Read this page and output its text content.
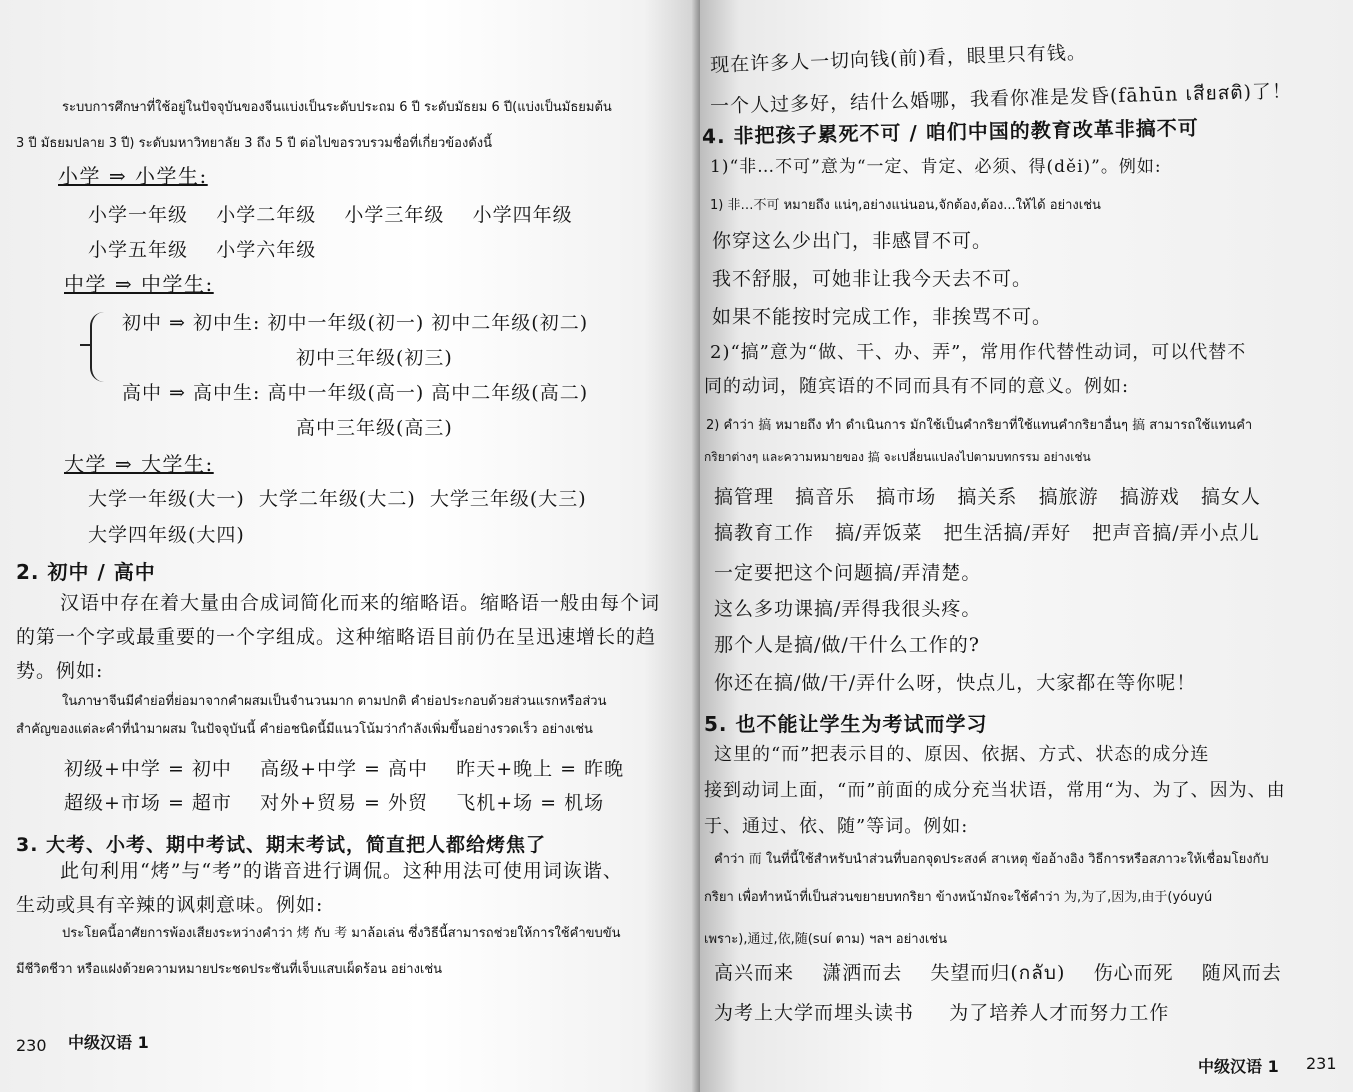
ระบบการศึกษาที่ใช้อยู่ในปัจจุบันของจีนแบ่งเป็นระดับประถม 6 ปี ระดับมัธยม 6 ปี(แบ่งเป็นมัธยมต้น
3 ปี มัธยมปลาย 3 ปี) ระดับมหาวิทยาลัย 3 ถึง 5 ปี ต่อไปขอรวบรวมชื่อที่เกี่ยวข้องดังนี้
小学 ⇒ 小学生:
小学一年级 小学二年级 小学三年级 小学四年级
小学五年级 小学六年级
中学 ⇒ 中学生:
初中 ⇒ 初中生: 初中一年级(初一) 初中二年级(初二)
初中三年级(初三)
高中 ⇒ 高中生: 高中一年级(高一) 高中二年级(高二)
高中三年级(高三)
大学 ⇒ 大学生:
大学一年级(大一) 大学二年级(大二) 大学三年级(大三)
大学四年级(大四)
2. 初中 / 高中
汉语中存在着大量由合成词简化而来的缩略语。缩略语一般由每个词
的第一个字或最重要的一个字组成。这种缩略语目前仍在呈迅速增长的趋
势。例如:
ในภาษาจีนมีคำย่อที่ย่อมาจากคำผสมเป็นจำนวนมาก ตามปกติ คำย่อประกอบด้วยส่วนแรกหรือส่วน
สำคัญของแต่ละคำที่นำมาผสม ในปัจจุบันนี้ คำย่อชนิดนี้มีแนวโน้มว่ากำลังเพิ่มขึ้นอย่างรวดเร็ว อย่างเช่น
初级+中学 = 初中 高级+中学 = 高中 昨天+晚上 = 昨晚
超级+市场 = 超市 对外+贸易 = 外贸 飞机+场 = 机场
3. 大考、小考、期中考试、期末考试，简直把人都给烤焦了
此句利用“烤”与“考”的谐音进行调侃。这种用法可使用词诙谐、
生动或具有辛辣的讽刺意味。例如:
ประโยคนี้อาศัยการพ้องเสียงระหว่างคำว่า 烤 กับ 考 มาล้อเล่น ซึ่งวิธีนี้สามารถช่วยให้การใช้คำขบขัน
มีชีวิตชีวา หรือแฝงด้วยความหมายประชดประชันที่เจ็บแสบเผ็ดร้อน อย่างเช่น
230 中级汉语 1
现在许多人一切向钱(前)看，眼里只有钱。
一个人过多好，结什么婚哪，我看你准是发昏(fāhūn เสียสติ)了！
4. 非把孩子累死不可 / 咱们中国的教育改革非搞不可
1)“非…不可”意为“一定、肯定、必须、得(děi)”。例如:
1) 非…不可 หมายถึง แน่ๆ,อย่างแน่นอน,จักต้อง,ต้อง...ให้ได้ อย่างเช่น
你穿这么少出门，非感冒不可。
我不舒服，可她非让我今天去不可。
如果不能按时完成工作，非挨骂不可。
2)“搞”意为“做、干、办、弄”，常用作代替性动词，可以代替不
同的动词，随宾语的不同而具有不同的意义。例如:
2) คำว่า 搞 หมายถึง ทำ ดำเนินการ มักใช้เป็นคำกริยาที่ใช้แทนคำกริยาอื่นๆ 搞 สามารถใช้แทนคำ
กริยาต่างๆ และความหมายของ 搞 จะเปลี่ยนแปลงไปตามบทกรรม อย่างเช่น
搞管理 搞音乐 搞市场 搞关系 搞旅游 搞游戏 搞女人
搞教育工作 搞/弄饭菜 把生活搞/弄好 把声音搞/弄小点儿
一定要把这个问题搞/弄清楚。
这么多功课搞/弄得我很头疼。
那个人是搞/做/干什么工作的?
你还在搞/做/干/弄什么呀，快点儿，大家都在等你呢！
5. 也不能让学生为考试而学习
这里的“而”把表示目的、原因、依据、方式、状态的成分连
接到动词上面，“而”前面的成分充当状语，常用“为、为了、因为、由
于、通过、依、随”等词。例如:
คำว่า 而 ในที่นี้ใช้สำหรับนำส่วนที่บอกจุดประสงค์ สาเหตุ ข้ออ้างอิง วิธีการหรือสภาวะให้เชื่อมโยงกับ
กริยา เพื่อทำหน้าที่เป็นส่วนขยายบทกริยา ข้างหน้ามักจะใช้คำว่า 为,为了,因为,由于(yóuyú
เพราะ),通过,依,随(suí ตาม) ฯลฯ อย่างเช่น
高兴而来 潇洒而去 失望而归(กลับ) 伤心而死 随风而去
为考上大学而埋头读书 为了培养人才而努力工作
中级汉语 1 231
